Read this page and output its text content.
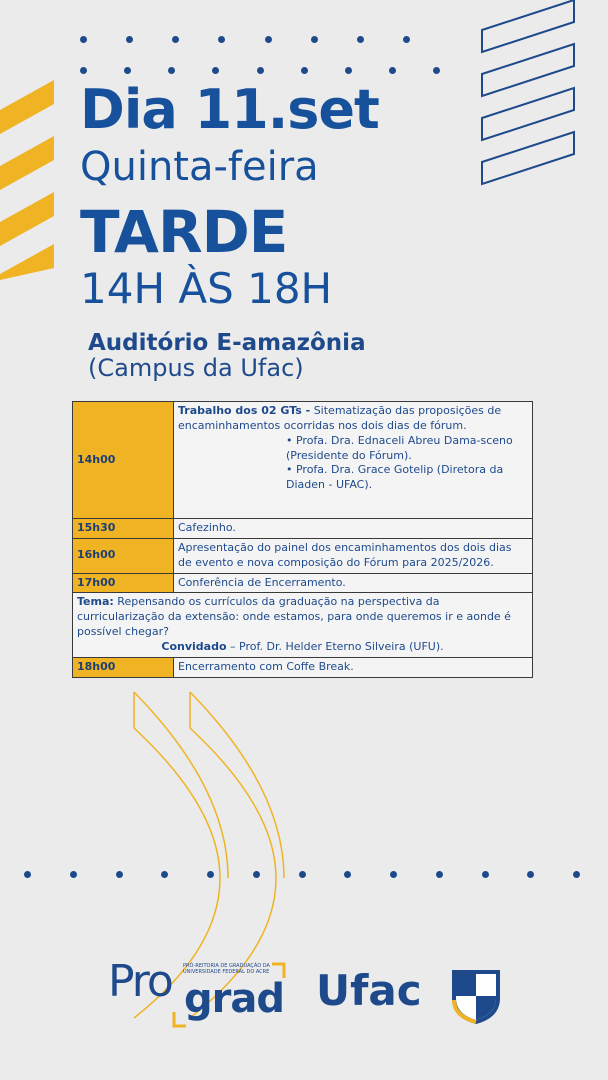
Dia 11.set
Quinta-feira
TARDE
14H ÀS 18H
Auditório E-amazônia
(Campus da Ufac)
14h00	Trabalho dos 02 GTs - Sitematização das proposições de encaminhamentos ocorridas nos dois dias de fórum.
• Profa. Dra. Ednaceli Abreu Dama-sceno (Presidente do Fórum).
• Profa. Dra. Grace Gotelip (Diretora da Diaden - UFAC).

15h30	Cafezinho.
16h00	Apresentação do painel dos encaminhamentos dos dois dias de evento e nova composição do Fórum para 2025/2026.
17h00	Conferência de Encerramento.

Tema: Repensando os currículos da graduação na perspectiva da curricularização da extensão: onde estamos, para onde queremos ir e aonde é possível chegar?
Convidado – Prof. Dr. Helder Eterno Silveira (UFU).	

18h00	Encerramento com Coffe Break.
Pro PRÓ-REITORIA DE GRADUAÇÃO DA UNIVERSIDADE FEDERAL DO ACRE
grad Ufac
